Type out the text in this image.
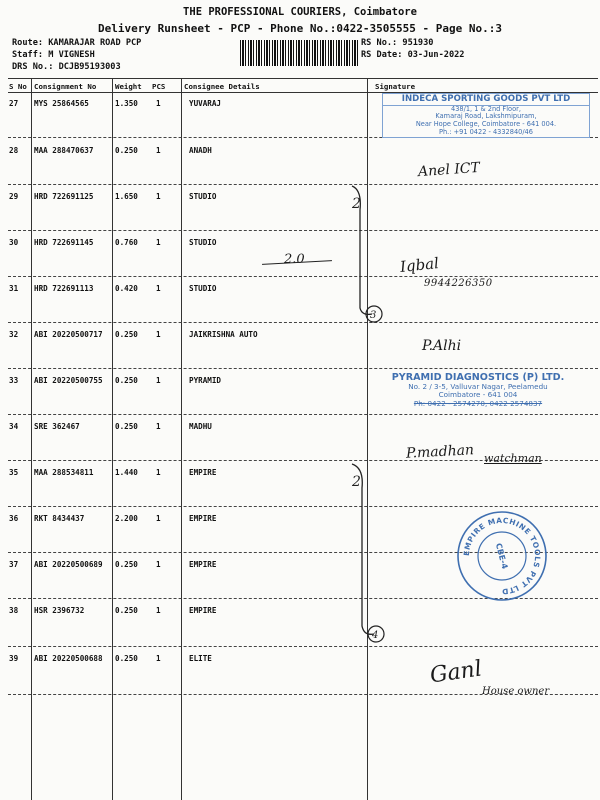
THE PROFESSIONAL COURIERS, Coimbatore
Delivery Runsheet - PCP - Phone No.:0422-3505555 - Page No.:3
Route: KAMARAJAR ROAD PCP
Staff: M VIGNESH
DRS No.: DCJB95193003
RS No.: 951930
RS Date: 03-Jun-2022
S No Consignment No	Weight PCS	Consignee Details	Signature
27 MYS 25864565	1.350 1	YUVARAJ
28 MAA 288470637	0.250 1	ANADH
29 HRD 722691125	1.650 1	STUDIO
30 HRD 722691145	0.760 1	STUDIO
31 HRD 722691113	0.420 1	STUDIO
32 ABI 20220500717 0.250 1	JAIKRISHNA AUTO
33 ABI 20220500755 0.250 1	PYRAMID
34 SRE 362467	0.250 1	MADHU
35 MAA 288534811	1.440 1	EMPIRE
36 RKT 8434437	2.200 1	EMPIRE
37 ABI 20220500689 0.250 1	EMPIRE
38 HSR 2396732	0.250 1	EMPIRE
39 ABI 20220500688 0.250 1	ELITE
INDECA SPORTING GOODS PVT LTD
438/1, 1 & 2nd Floor,
Kamaraj Road, Lakshmipuram,
Near Hope College, Coimbatore - 641 004.
Ph.: +91 0422 - 4332840/46
PYRAMID DIAGNOSTICS (P) LTD.
No. 2 / 3-5, Valluvar Nagar, Peelamedu
Coimbatore - 641 004
Ph: 0422 - 2574270, 0422 2574837
EMPIRE MACHINE TOOLS PVT LTD
CBE-4
Anel ICT
2.0	Iqbal
9944226350
P.Alhi
P.madhan watchman
Ganl
House owner
2
3
2
4
